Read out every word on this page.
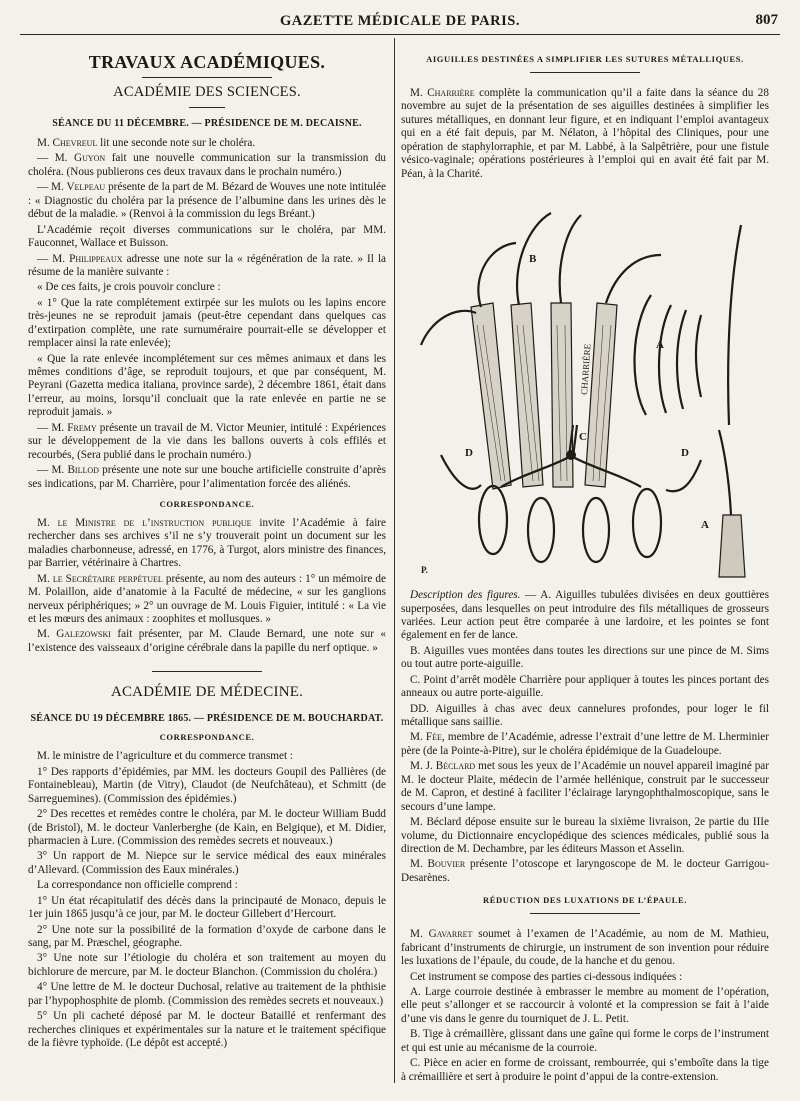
GAZETTE MÉDICALE DE PARIS.	807
TRAVAUX ACADÉMIQUES.
ACADÉMIE DES SCIENCES.
SÉANCE DU 11 DÉCEMBRE. — PRÉSIDENCE DE M. DECAISNE.

M. Chevreul lit une seconde note sur le choléra.

— M. Guyon fait une nouvelle communication sur la transmission du choléra. (Nous publierons ces deux travaux dans le prochain numéro.)

— M. Velpeau présente de la part de M. Bézard de Wouves une note intitulée : « Diagnostic du choléra par la présence de l’albumine dans les urines dès le début de la maladie. » (Renvoi à la commission du legs Bréant.)

L’Académie reçoit diverses communications sur le choléra, par MM. Fauconnet, Wallace et Buisson.

— M. Philippeaux adresse une note sur la « régénération de la rate. » Il la résume de la manière suivante :

« De ces faits, je crois pouvoir conclure :

« 1° Que la rate complétement extirpée sur les mulots ou les lapins encore très-jeunes ne se reproduit jamais (peut-être cependant dans quelques cas d’extirpation complète, une rate surnuméraire pourrait-elle se développer et remplacer ainsi la rate enlevée);

« Que la rate enlevée incomplétement sur ces mêmes animaux et dans les mêmes conditions d’âge, se reproduit toujours, et que par conséquent, M. Peyrani (Gazetta medica italiana, province sarde), 2 décembre 1861, était dans l’erreur, au moins, lorsqu’il concluait que la rate enlevée en partie ne se reproduit jamais. »

— M. Fremy présente un travail de M. Victor Meunier, intitulé : Expériences sur le développement de la vie dans les ballons ouverts à cols effilés et recourbés, (Sera publié dans le prochain numéro.)

— M. Billod présente une note sur une bouche artificielle construite d’après ses indications, par M. Charrière, pour l’alimentation forcée des aliénés.

CORRESPONDANCE.

M. le Ministre de l’instruction publique invite l’Académie à faire rechercher dans ses archives s’il ne s’y trouverait point un document sur les maladies charbonneuse, adressé, en 1776, à Turgot, alors ministre des finances, par Barrier, vétérinaire à Chartres.

M. le Secrétaire perpétuel présente, au nom des auteurs : 1° un mémoire de M. Polaillon, aide d’anatomie à la Faculté de médecine, « sur les ganglions nerveux périphériques; » 2° un ouvrage de M. Louis Figuier, intitulé : « La vie et les mœurs des animaux : zoophites et mollusques. »

M. Galezowski fait présenter, par M. Claude Bernard, une note sur « l’existence des vaisseaux d’origine cérébrale dans la papille du nerf optique. »

ACADÉMIE DE MÉDECINE.
SÉANCE DU 19 DÉCEMBRE 1865. — PRÉSIDENCE DE M. BOUCHARDAT.
CORRESPONDANCE.

M. le ministre de l’agriculture et du commerce transmet :

1° Des rapports d’épidémies, par MM. les docteurs Goupil des Pallières (de Fontainebleau), Martin (de Vitry), Claudot (de Neufchâteau), et Schmitt (de Sarreguemines). (Commission des épidémies.)

2° Des recettes et remèdes contre le choléra, par M. le docteur William Budd (de Bristol), M. le docteur Vanlerberghe (de Kain, en Belgique), et M. Didier, pharmacien à Lure. (Commission des remèdes secrets et nouveaux.)

3° Un rapport de M. Niepce sur le service médical des eaux minérales d’Allevard. (Commission des Eaux minérales.)

La correspondance non officielle comprend :

1° Un état récapitulatif des décès dans la principauté de Monaco, depuis le 1er juin 1865 jusqu’à ce jour, par M. le docteur Gillebert d’Hercourt.

2° Une note sur la possibilité de la formation d’oxyde de carbone dans le sang, par M. Præschel, géographe.

3° Une note sur l’étiologie du choléra et son traitement au moyen du bichlorure de mercure, par M. le docteur Blanchon. (Commission du choléra.)

4° Une lettre de M. le docteur Duchosal, relative au traitement de la phthisie par l’hypophosphite de plomb. (Commission des remèdes secrets et nouveaux.)

5° Un pli cacheté déposé par M. le docteur Bataillé et renfermant des recherches cliniques et expérimentales sur la nature et le traitement spécifique de la fièvre typhoïde. (Le dépôt est accepté.)

AIGUILLES DESTINÉES A SIMPLIFIER LES SUTURES MÉTALLIQUES.

M. Charrière complète la communication qu’il a faite dans la séance du 28 novembre au sujet de la présentation de ses aiguilles destinées à simplifier les sutures métalliques, en donnant leur figure, et en indiquant l’emploi avantageux qui en a été fait depuis, par M. Nélaton, à l’hôpital des Cliniques, pour une opération de staphylorraphie, et par M. Labbé, à la Salpêtrière, pour une fistule vésico-vaginale; opérations postérieures à l’emploi qui en avait été fait par M. Péan, à la Charité.

CHARRIÈRE
B
A
D	D
C
A
P.

Description des figures. — A. Aiguilles tubulées divisées en deux gouttières superposées, dans lesquelles on peut introduire des fils métalliques de grosseurs variées. Leur action peut être comparée à une lardoire, et les pointes se font également en fer de lance.

B. Aiguilles vues montées dans toutes les directions sur une pince de M. Sims ou tout autre porte-aiguille.

C. Point d’arrêt modèle Charrière pour appliquer à toutes les pinces portant des anneaux ou autre porte-aiguille.

DD. Aiguilles à chas avec deux cannelures profondes, pour loger le fil métallique sans saillie.

M. Fée, membre de l’Académie, adresse l’extrait d’une lettre de M. Lherminier père (de la Pointe-à-Pitre), sur le choléra épidémique de la Guadeloupe.

M. J. Béclard met sous les yeux de l’Académie un nouvel appareil imaginé par M. le docteur Plaite, médecin de l’armée hellénique, construit par le successeur de M. Capron, et destiné à faciliter l’éclairage laryngophthalmoscopique, sans le secours d’une lampe.

M. Béclard dépose ensuite sur le bureau la sixième livraison, 2e partie du IIIe volume, du Dictionnaire encyclopédique des sciences médicales, publié sous la direction de M. Dechambre, par les éditeurs Masson et Asselin.

M. Bouvier présente l’otoscope et laryngoscope de M. le docteur Garrigou-Desarènes.

RÉDUCTION DES LUXATIONS DE L’ÉPAULE.

M. Gavarret soumet à l’examen de l’Académie, au nom de M. Mathieu, fabricant d’instruments de chirurgie, un instrument de son invention pour réduire les luxations de l’épaule, du coude, de la hanche et du genou.

Cet instrument se compose des parties ci-dessous indiquées :

A. Large courroie destinée à embrasser le membre au moment de l’opération, elle peut s’allonger et se raccourcir à volonté et la compression se fait à l’aide d’une vis dans le genre du tourniquet de J. L. Petit.

B. Tige à crémaillère, glissant dans une gaîne qui forme le corps de l’instrument et qui est unie au mécanisme de la courroie.

C. Pièce en acier en forme de croissant, rembourrée, qui s’emboîte dans la tige à crémaillière et sert à produire le point d’appui de la contre-extension.
